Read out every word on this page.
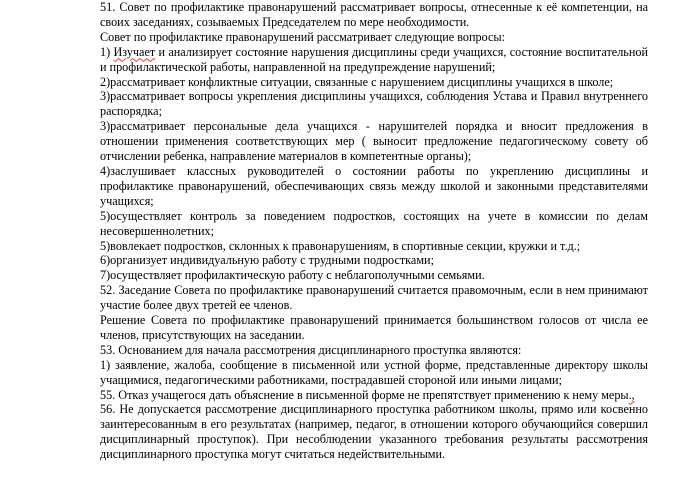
51. Совет по профилактике правонарушений рассматривает вопросы, отнесенные к её компетенции, на своих заседаниях, созываемых Председателем по мере необходимости.

Совет по профилактике правонарушений рассматривает следующие вопросы:

1) Изучает и анализирует состояние нарушения дисциплины среди учащихся, состояние воспитательной и профилактической работы, направленной на предупреждение нарушений;

2)рассматривает конфликтные ситуации, связанные с нарушением дисциплины учащихся в школе;

3)рассматривает вопросы укрепления дисциплины учащихся, соблюдения Устава и Правил внутреннего распорядка;

3)рассматривает персональные дела учащихся - нарушителей порядка и вносит предложения в отношении применения соответствующих мер ( выносит предложение педагогическому совету об отчислении ребенка, направление материалов в компетентные органы);

4)заслушивает классных руководителей о состоянии работы по укреплению дисциплины и профилактике правонарушений, обеспечивающих связь между школой и законными представителями учащихся;

5)осуществляет контроль за поведением подростков, состоящих на учете в комиссии по делам несовершеннолетних;

5)вовлекает подростков, склонных к правонарушениям, в спортивные секции, кружки и т.д.;

6)организует индивидуальную работу с трудными подростками;

7)осуществляет профилактическую работу с неблагополучными семьями.

52. Заседание Совета по профилактике правонарушений считается правомочным, если в нем принимают участие более двух третей ее членов.

Решение Совета по профилактике правонарушений принимается большинством голосов от числа ее членов, присутствующих на заседании.

53. Основанием для начала рассмотрения дисциплинарного проступка являются:

1) заявление, жалоба, сообщение в письменной или устной форме, представленные директору школы учащимися, педагогическими работниками, пострадавшей стороной или иными лицами;

55. Отказ учащегося дать объяснение в письменной форме не препятствует применению к нему меры.,

56. Не допускается рассмотрение дисциплинарного проступка работником школы, прямо или косвенно заинтересованным в его результатах (например, педагог, в отношении которого обучающийся совершил дисциплинарный проступок). При несоблюдении указанного требования результаты рассмотрения дисциплинарного проступка могут считаться недействительными.
